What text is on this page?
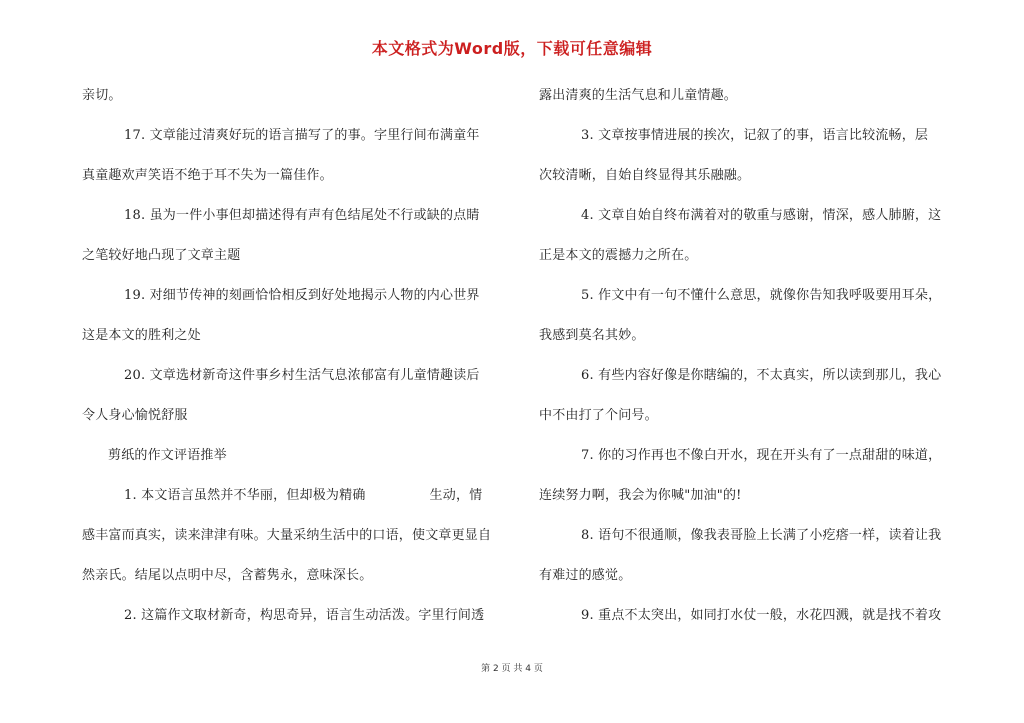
本文格式为Word版，下载可任意编辑
亲切。
17. 文章能过清爽好玩的语言描写了的事。字里行间布满童年
真童趣欢声笑语不绝于耳不失为一篇佳作。
18. 虽为一件小事但却描述得有声有色结尾处不行或缺的点睛
之笔较好地凸现了文章主题
19. 对细节传神的刻画恰恰相反到好处地揭示人物的内心世界
这是本文的胜利之处
20. 文章选材新奇这件事乡村生活气息浓郁富有儿童情趣读后
令人身心愉悦舒服
剪纸的作文评语推举
1. 本文语言虽然并不华丽，但却极为精确	生动，情
感丰富而真实，读来津津有味。大量采纳生活中的口语，使文章更显自
然亲氏。结尾以点明中尽，含蓄隽永，意味深长。
2. 这篇作文取材新奇，构思奇异，语言生动活泼。字里行间透
露出清爽的生活气息和儿童情趣。
3. 文章按事情进展的挨次，记叙了的事，语言比较流畅，层
次较清晰，自始自终显得其乐融融。
4. 文章自始自终布满着对的敬重与感谢，情深，感人肺腑，这
正是本文的震撼力之所在。
5. 作文中有一句不懂什么意思，就像你告知我呼吸要用耳朵，
我感到莫名其妙。
6. 有些内容好像是你瞎编的，不太真实，所以读到那儿，我心
中不由打了个问号。
7. 你的习作再也不像白开水，现在开头有了一点甜甜的味道，
连续努力啊，我会为你喊"加油"的!
8. 语句不很通顺，像我表哥脸上长满了小疙瘩一样，读着让我
有难过的感觉。
9. 重点不太突出，如同打水仗一般，水花四溅，就是找不着攻
第 2 页 共 4 页
